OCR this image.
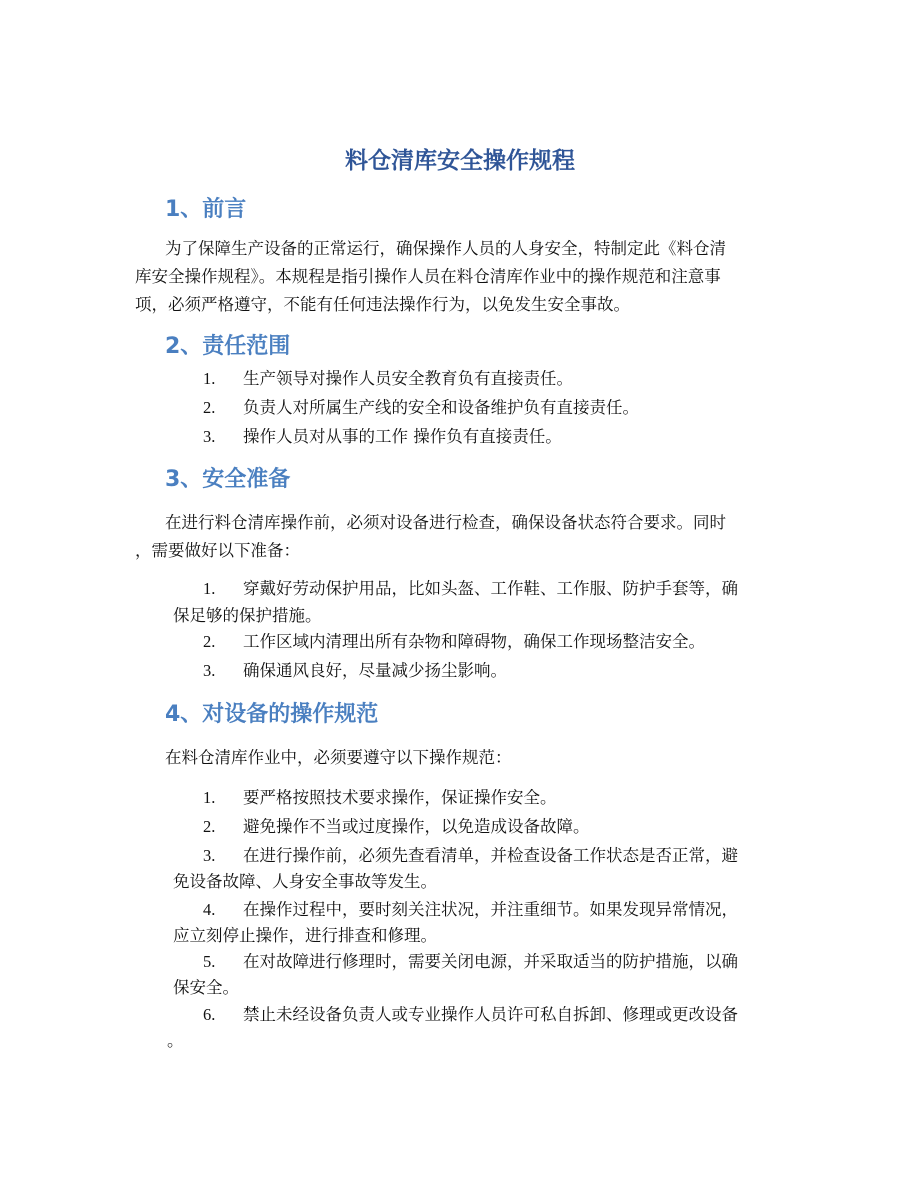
料仓清库安全操作规程
1、前言
为了保障生产设备的正常运行，确保操作人员的人身安全，特制定此《料仓清
库安全操作规程》。本规程是指引操作人员在料仓清库作业中的操作规范和注意事
项，必须严格遵守，不能有任何违法操作行为，以免发生安全事故。
2、责任范围
1. 生产领导对操作人员安全教育负有直接责任。
2. 负责人对所属生产线的安全和设备维护负有直接责任。
3. 操作人员对从事的工作 操作负有直接责任。
3、安全准备
在进行料仓清库操作前，必须对设备进行检查，确保设备状态符合要求。同时
，需要做好以下准备：
1. 穿戴好劳动保护用品，比如头盔、工作鞋、工作服、防护手套等，确
保足够的保护措施。
2. 工作区域内清理出所有杂物和障碍物，确保工作现场整洁安全。
3. 确保通风良好，尽量减少扬尘影响。
4、对设备的操作规范
在料仓清库作业中，必须要遵守以下操作规范：
1. 要严格按照技术要求操作，保证操作安全。
2. 避免操作不当或过度操作，以免造成设备故障。
3. 在进行操作前，必须先查看清单，并检查设备工作状态是否正常，避
免设备故障、人身安全事故等发生。
4. 在操作过程中，要时刻关注状况，并注重细节。如果发现异常情况，
应立刻停止操作，进行排查和修理。
5. 在对故障进行修理时，需要关闭电源，并采取适当的防护措施，以确
保安全。
6. 禁止未经设备负责人或专业操作人员许可私自拆卸、修理或更改设备
。
